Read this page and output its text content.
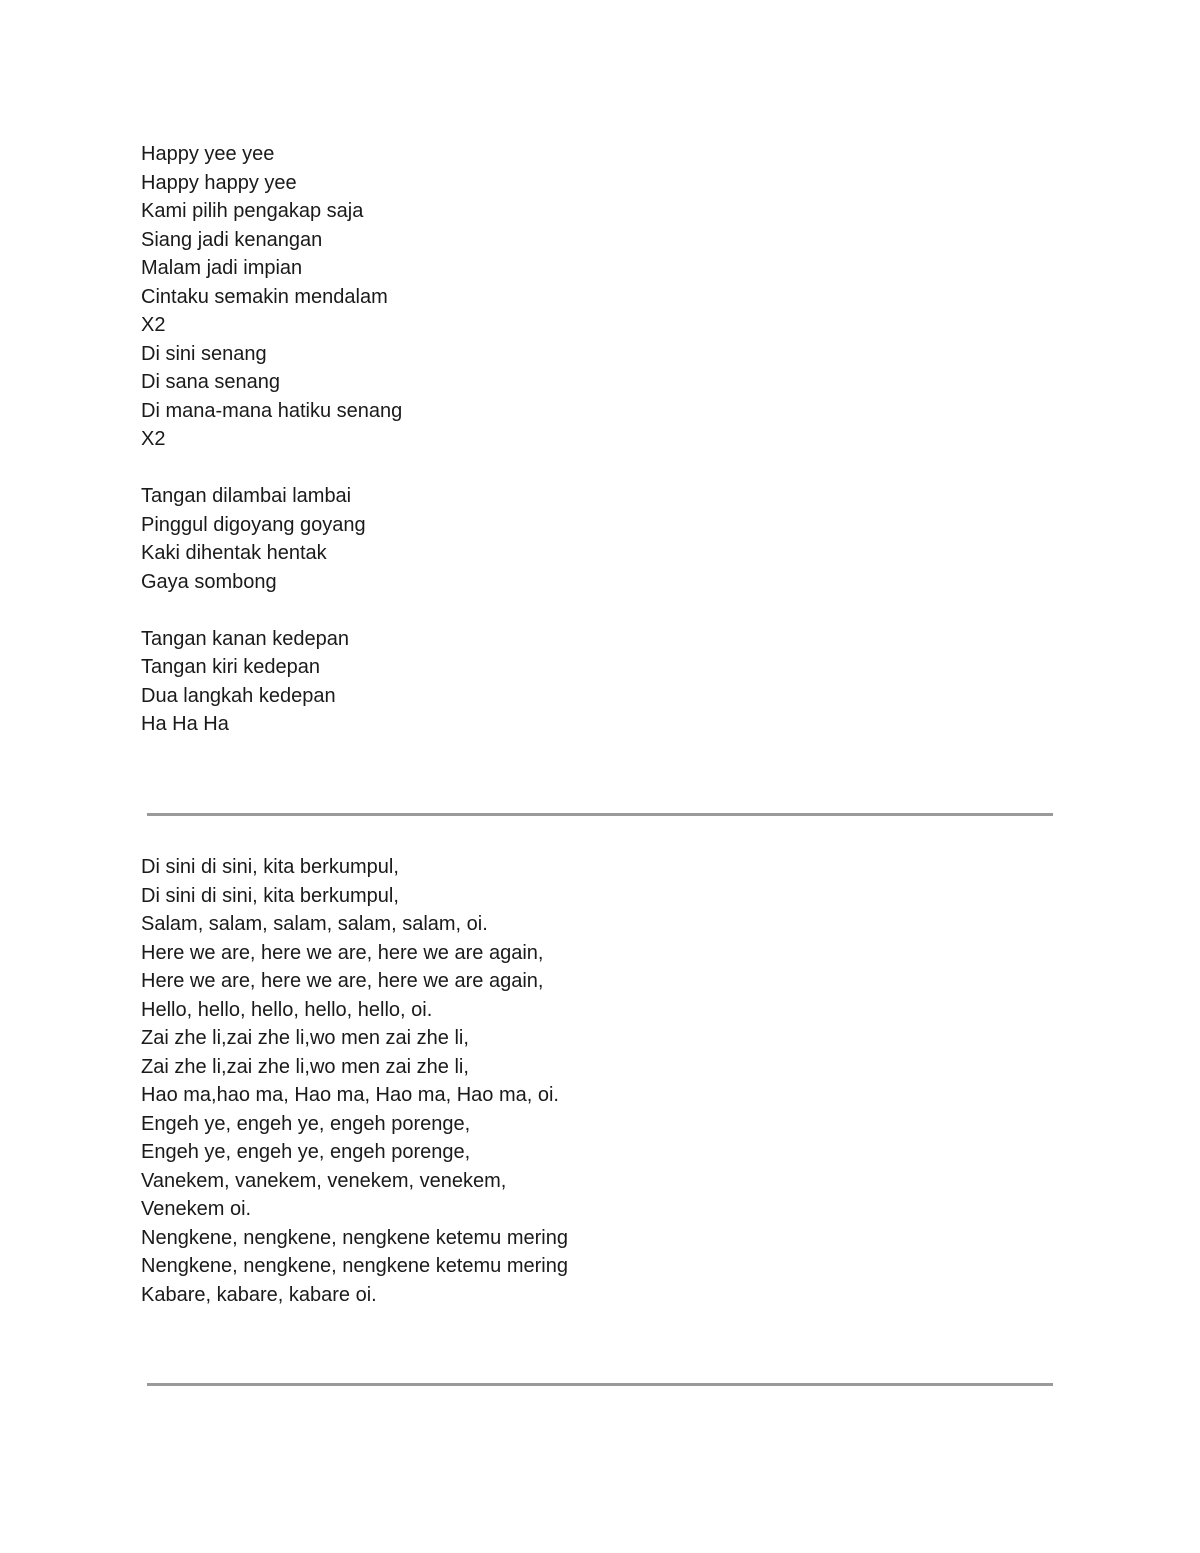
Happy yee yee
Happy happy yee
Kami pilih pengakap saja
Siang jadi kenangan
Malam jadi impian
Cintaku semakin mendalam
X2
Di sini senang
Di sana senang
Di mana-mana hatiku senang
X2
Tangan dilambai lambai
Pinggul digoyang goyang
Kaki dihentak hentak
Gaya sombong
Tangan kanan kedepan
Tangan kiri kedepan
Dua langkah kedepan
Ha Ha Ha
Di sini di sini, kita berkumpul,
Di sini di sini, kita berkumpul,
Salam, salam, salam, salam, salam, oi.
Here we are, here we are, here we are again,
Here we are, here we are, here we are again,
Hello, hello, hello, hello, hello, oi.
Zai zhe li,zai zhe li,wo men zai zhe li,
Zai zhe li,zai zhe li,wo men zai zhe li,
Hao ma,hao ma, Hao ma, Hao ma, Hao ma, oi.
Engeh ye, engeh ye, engeh porenge,
Engeh ye, engeh ye, engeh porenge,
Vanekem, vanekem, venekem, venekem,
Venekem oi.
Nengkene, nengkene, nengkene ketemu mering
Nengkene, nengkene, nengkene ketemu mering
Kabare, kabare, kabare oi.
